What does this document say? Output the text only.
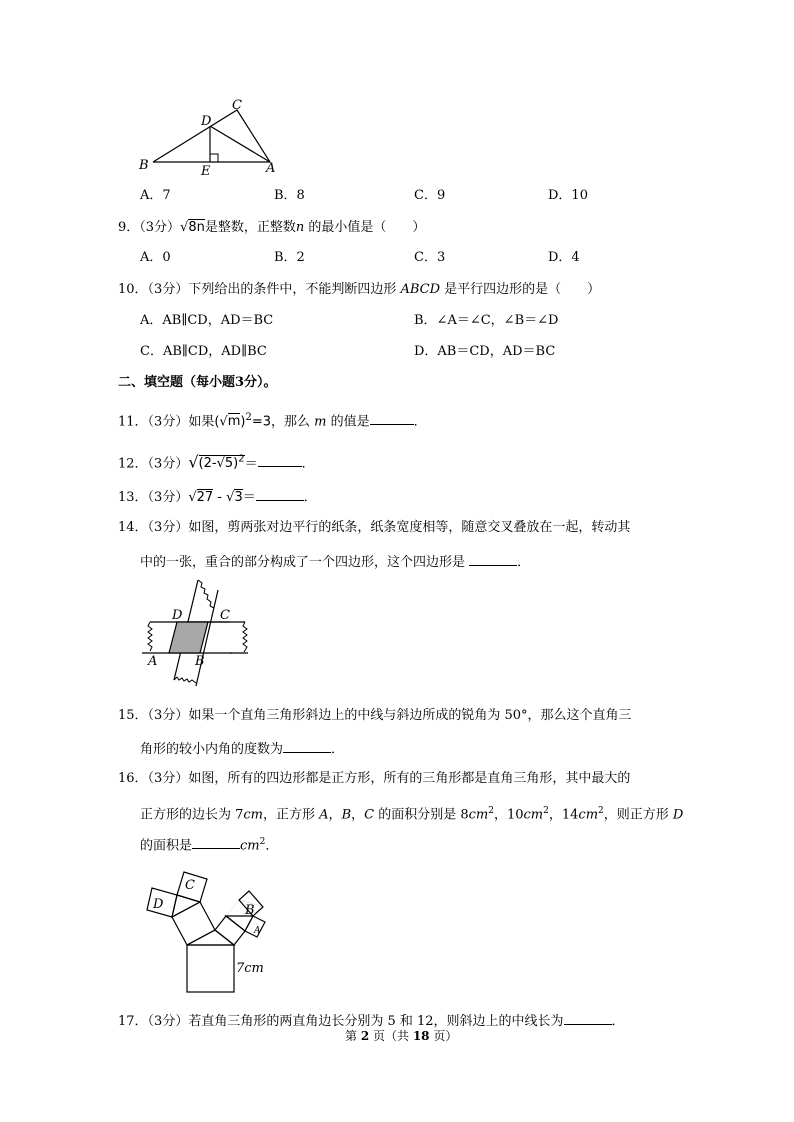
C
D
B	E	A
A．7	B．8	C．9	D．10
9．（3分）√8n是整数，正整数n 的最小值是（　　）
A．0	B．2	C．3	D．4
10．（3分）下列给出的条件中，不能判断四边形 ABCD 是平行四边形的是（　　）
A．AB∥CD，AD＝BC	B．∠A＝∠C，∠B＝∠D
C．AB∥CD，AD∥BC	D．AB＝CD，AD＝BC
二、填空题（每小题3分）。
11．（3分）如果$(√m)^2=3$，那么 m 的值是	．
12．（3分）$√(2-√5)^2=$	．
13．（3分）√27 - √3＝	．
14．（3分）如图，剪两张对边平行的纸条，纸条宽度相等，随意交叉叠放在一起，转动其
中的一张，重合的部分构成了一个四边形，这个四边形是	．
D	C
A	B
15．（3分）如果一个直角三角形斜边上的中线与斜边所成的锐角为 50°，那么这个直角三
角形的较小内角的度数为	．
16．（3分）如图，所有的四边形都是正方形，所有的三角形都是直角三角形，其中最大的
正方形的边长为 7cm，正方形 A，B，C 的面积分别是 $8cm^2$，$10cm^2$，$14cm^2$，则正方形 D
的面积是	$cm^2$．
C
D	B
A
7cm
17．（3分）若直角三角形的两直角边长分别为 5 和 12，则斜边上的中线长为	．
第 2 页（共 18 页）
